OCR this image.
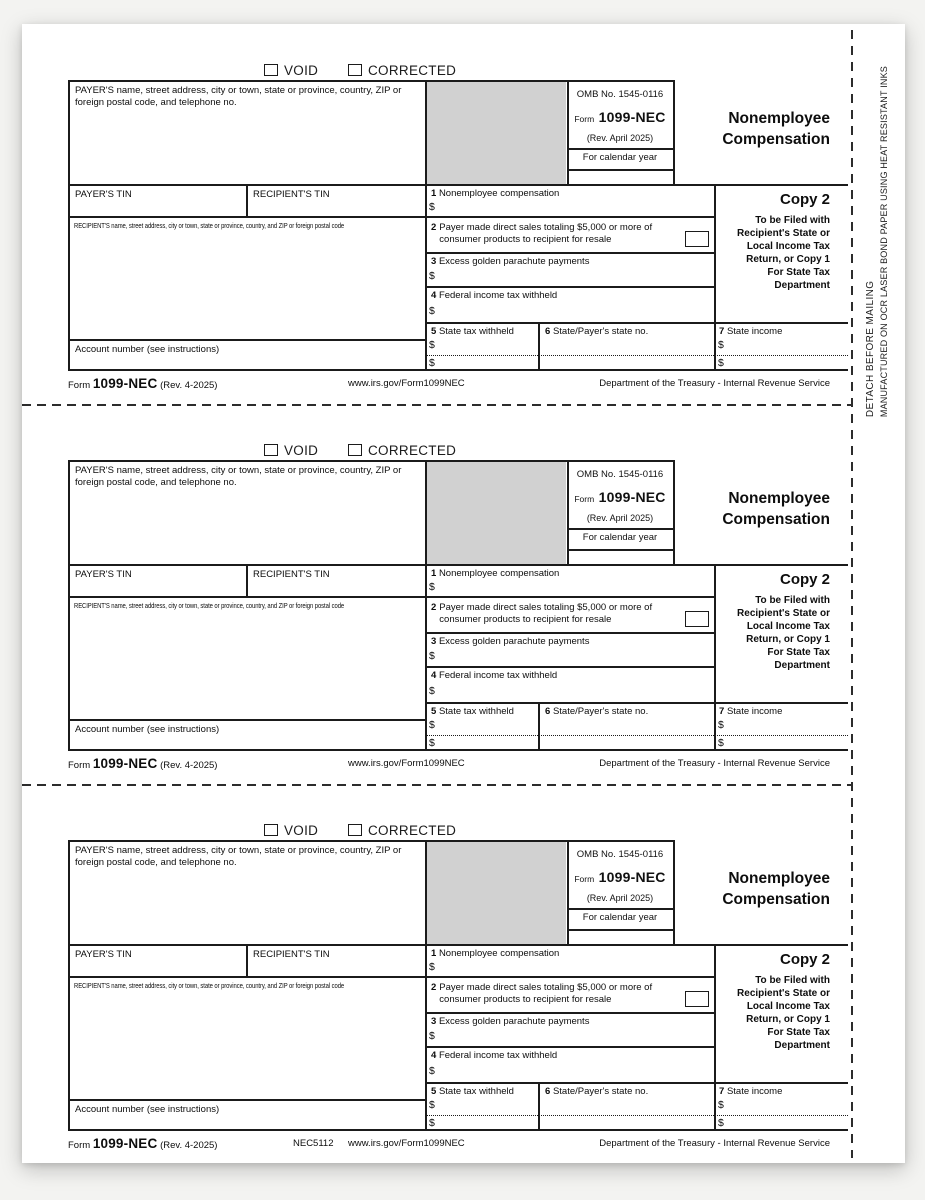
VOID	CORRECTED
PAYER'S name, street address, city or town, state or province, country, ZIP or foreign postal code, and telephone no.
OMB No. 1545-0116
Form 1099-NEC
(Rev. April 2025)
For calendar year
Nonemployee
Compensation
PAYER'S TIN	RECIPIENT'S TIN
RECIPIENT'S name, street address, city or town, state or province, country, and ZIP or foreign postal code
Account number (see instructions)
1 Nonemployee compensation
$
2 Payer made direct sales totaling $5,000 or more of consumer products to recipient for resale
3 Excess golden parachute payments
$
4 Federal income tax withheld
$
5 State tax withheld
$
$
6 State/Payer's state no.	7 State income
$
$
Copy 2
To be Filed with
Recipient's State or
Local Income Tax
Return, or Copy 1
For State Tax
Department
Form 1099-NEC (Rev. 4-2025)	www.irs.gov/Form1099NEC	Department of the Treasury - Internal Revenue Service
VOID	CORRECTED
PAYER'S name, street address, city or town, state or province, country, ZIP or foreign postal code, and telephone no.
OMB No. 1545-0116
Form 1099-NEC
(Rev. April 2025)
For calendar year
Nonemployee
Compensation
PAYER'S TIN	RECIPIENT'S TIN
RECIPIENT'S name, street address, city or town, state or province, country, and ZIP or foreign postal code
Account number (see instructions)
1 Nonemployee compensation
$
2 Payer made direct sales totaling $5,000 or more of consumer products to recipient for resale
3 Excess golden parachute payments
$
4 Federal income tax withheld
$
5 State tax withheld
$
$
6 State/Payer's state no.	7 State income
$
$
Copy 2
To be Filed with
Recipient's State or
Local Income Tax
Return, or Copy 1
For State Tax
Department
Form 1099-NEC (Rev. 4-2025)	www.irs.gov/Form1099NEC	Department of the Treasury - Internal Revenue Service
VOID	CORRECTED
PAYER'S name, street address, city or town, state or province, country, ZIP or foreign postal code, and telephone no.
OMB No. 1545-0116
Form 1099-NEC
(Rev. April 2025)
For calendar year
Nonemployee
Compensation
PAYER'S TIN	RECIPIENT'S TIN
RECIPIENT'S name, street address, city or town, state or province, country, and ZIP or foreign postal code
Account number (see instructions)
1 Nonemployee compensation
$
2 Payer made direct sales totaling $5,000 or more of consumer products to recipient for resale
3 Excess golden parachute payments
$
4 Federal income tax withheld
$
5 State tax withheld
$
$
6 State/Payer's state no.	7 State income
$
$
Copy 2
To be Filed with
Recipient's State or
Local Income Tax
Return, or Copy 1
For State Tax
Department
Form 1099-NEC (Rev. 4-2025)	NEC5112 www.irs.gov/Form1099NEC	Department of the Treasury - Internal Revenue Service
DETACH BEFORE MAILING MANUFACTURED ON OCR LASER BOND PAPER USING HEAT RESISTANT INKS
